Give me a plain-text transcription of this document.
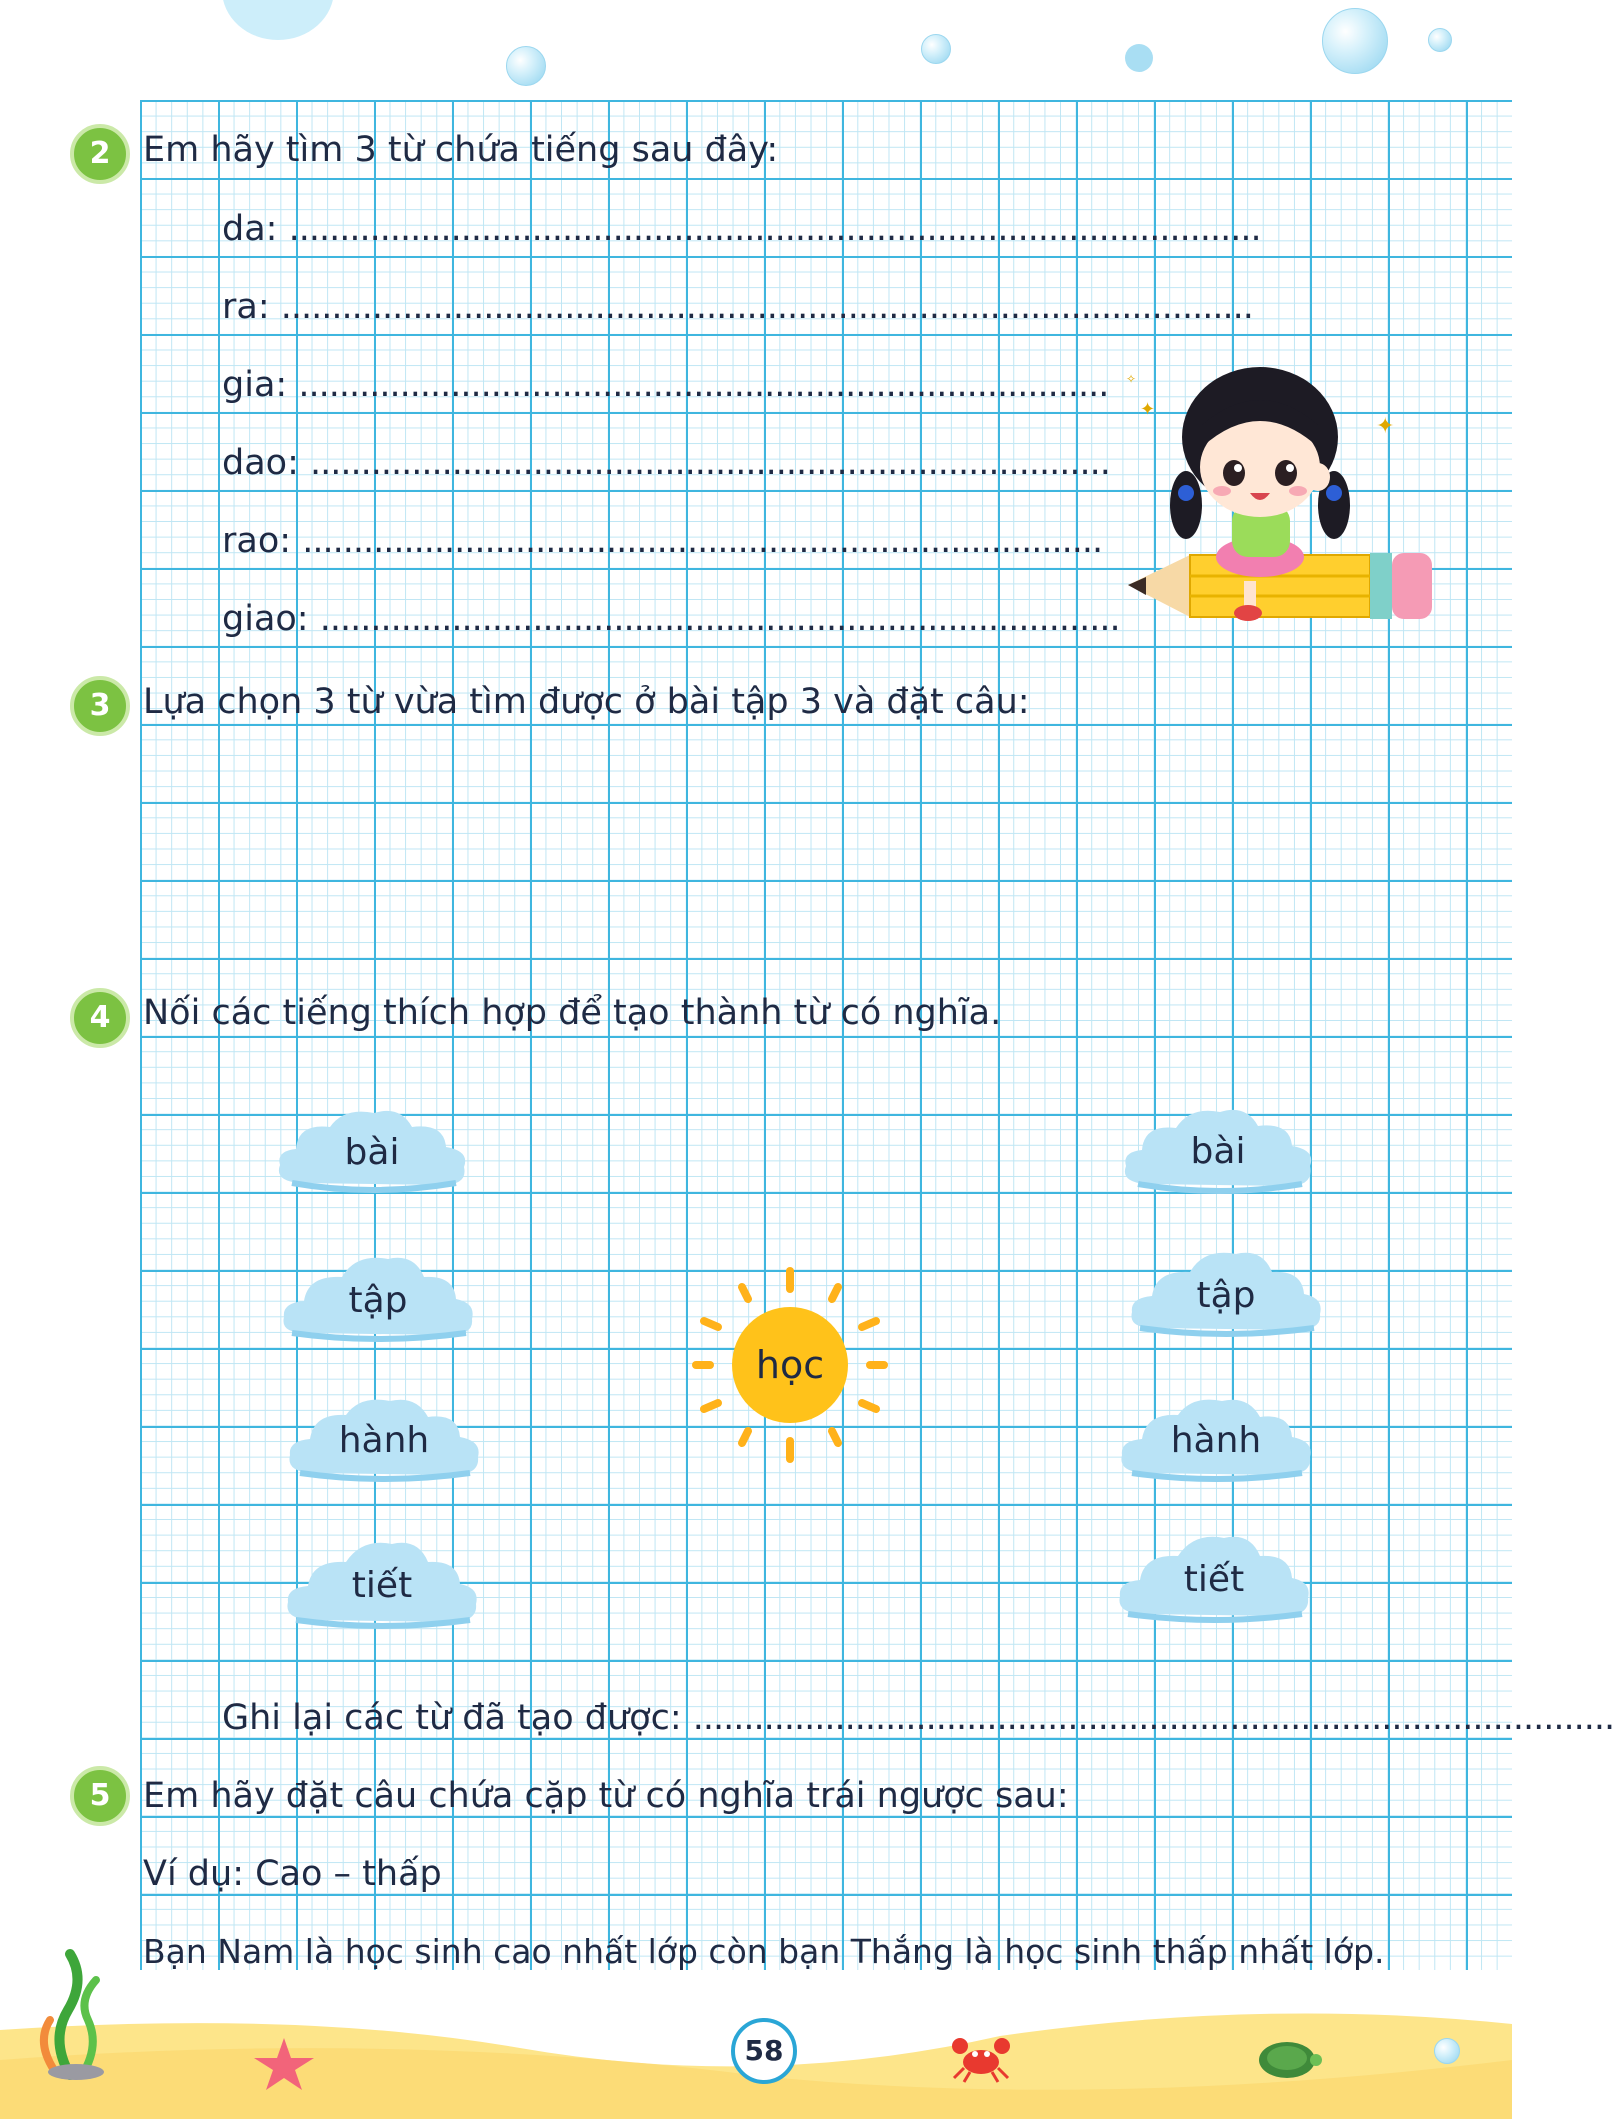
2 Em hãy tìm 3 từ chứa tiếng sau đây:
da: ................................................................................................
ra: ................................................................................................
gia: ................................................................................
dao: ...............................................................................
rao: ...............................................................................
giao: ...............................................................................
✦
✦
✧
3 Lựa chọn 3 từ vừa tìm được ở bài tập 3 và đặt câu:
4 Nối các tiếng thích hợp để tạo thành từ có nghĩa.
bài
tập
hành
tiết
học
bài
tập
hành
tiết
Ghi lại các từ đã tạo được: ...........................................................................................
5 Em hãy đặt câu chứa cặp từ có nghĩa trái ngược sau:
Ví dụ: Cao – thấp
Bạn Nam là học sinh cao nhất lớp còn bạn Thắng là học sinh thấp nhất lớp.
58
